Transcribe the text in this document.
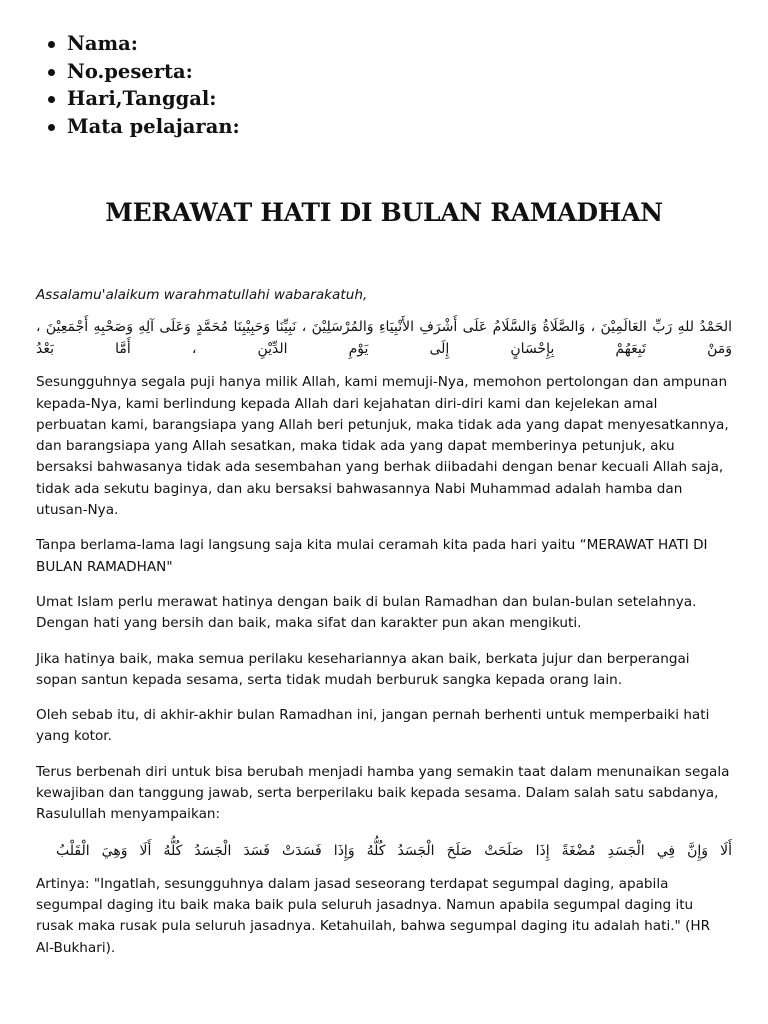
Nama:
No.peserta:
Hari,Tanggal:
Mata pelajaran:
MERAWAT HATI DI BULAN RAMADHAN

Assalamu'alaikum warahmatullahi wabarakatuh,

الحَمْدُ للهِ رَبِّ العَالَمِيْنَ ، وَالصَّلَاةُ وَالسَّلَامُ عَلَى أَشْرَفِ الأَنْبِيَاءِ وَالمُرْسَلِيْنَ ، نَبِيِّنَا وَحَبِيْبِنَا مُحَمَّدٍ وَعَلَى آلِهِ وَصَحْبِهِ أَجْمَعِيْنَ ، وَمَنْ تَبِعَهُمْ بِإِحْسَانٍ إِلَى يَوْمِ الدِّيْنِ ، أَمَّا بَعْدُ

Sesungguhnya segala puji hanya milik Allah, kami memuji-Nya, memohon pertolongan dan ampunan kepada-Nya, kami berlindung kepada Allah dari kejahatan diri-diri kami dan kejelekan amal perbuatan kami, barangsiapa yang Allah beri petunjuk, maka tidak ada yang dapat menyesatkannya, dan barangsiapa yang Allah sesatkan, maka tidak ada yang dapat memberinya petunjuk, aku bersaksi bahwasanya tidak ada sesembahan yang berhak diibadahi dengan benar kecuali Allah saja, tidak ada sekutu baginya, dan aku bersaksi bahwasannya Nabi Muhammad adalah hamba dan utusan-Nya.

Tanpa berlama-lama lagi langsung saja kita mulai ceramah kita pada hari yaitu “MERAWAT HATI DI BULAN RAMADHAN"

Umat Islam perlu merawat hatinya dengan baik di bulan Ramadhan dan bulan-bulan setelahnya. Dengan hati yang bersih dan baik, maka sifat dan karakter pun akan mengikuti.

Jika hatinya baik, maka semua perilaku kesehariannya akan baik, berkata jujur dan berperangai sopan santun kepada sesama, serta tidak mudah berburuk sangka kepada orang lain.

Oleh sebab itu, di akhir-akhir bulan Ramadhan ini, jangan pernah berhenti untuk memperbaiki hati yang kotor.

Terus berbenah diri untuk bisa berubah menjadi hamba yang semakin taat dalam menunaikan segala kewajiban dan tanggung jawab, serta berperilaku baik kepada sesama. Dalam salah satu sabdanya, Rasulullah menyampaikan:

أَلَا وَإِنَّ فِي الْجَسَدِ مُضْغَةً إِذَا صَلَحَتْ صَلَحَ الْجَسَدُ كُلُّهُ وَإِذَا فَسَدَتْ فَسَدَ الْجَسَدُ كُلُّهُ أَلَا وَهِيَ الْقَلْبُ

Artinya: "Ingatlah, sesungguhnya dalam jasad seseorang terdapat segumpal daging, apabila segumpal daging itu baik maka baik pula seluruh jasadnya. Namun apabila segumpal daging itu rusak maka rusak pula seluruh jasadnya. Ketahuilah, bahwa segumpal daging itu adalah hati." (HR Al-Bukhari).
